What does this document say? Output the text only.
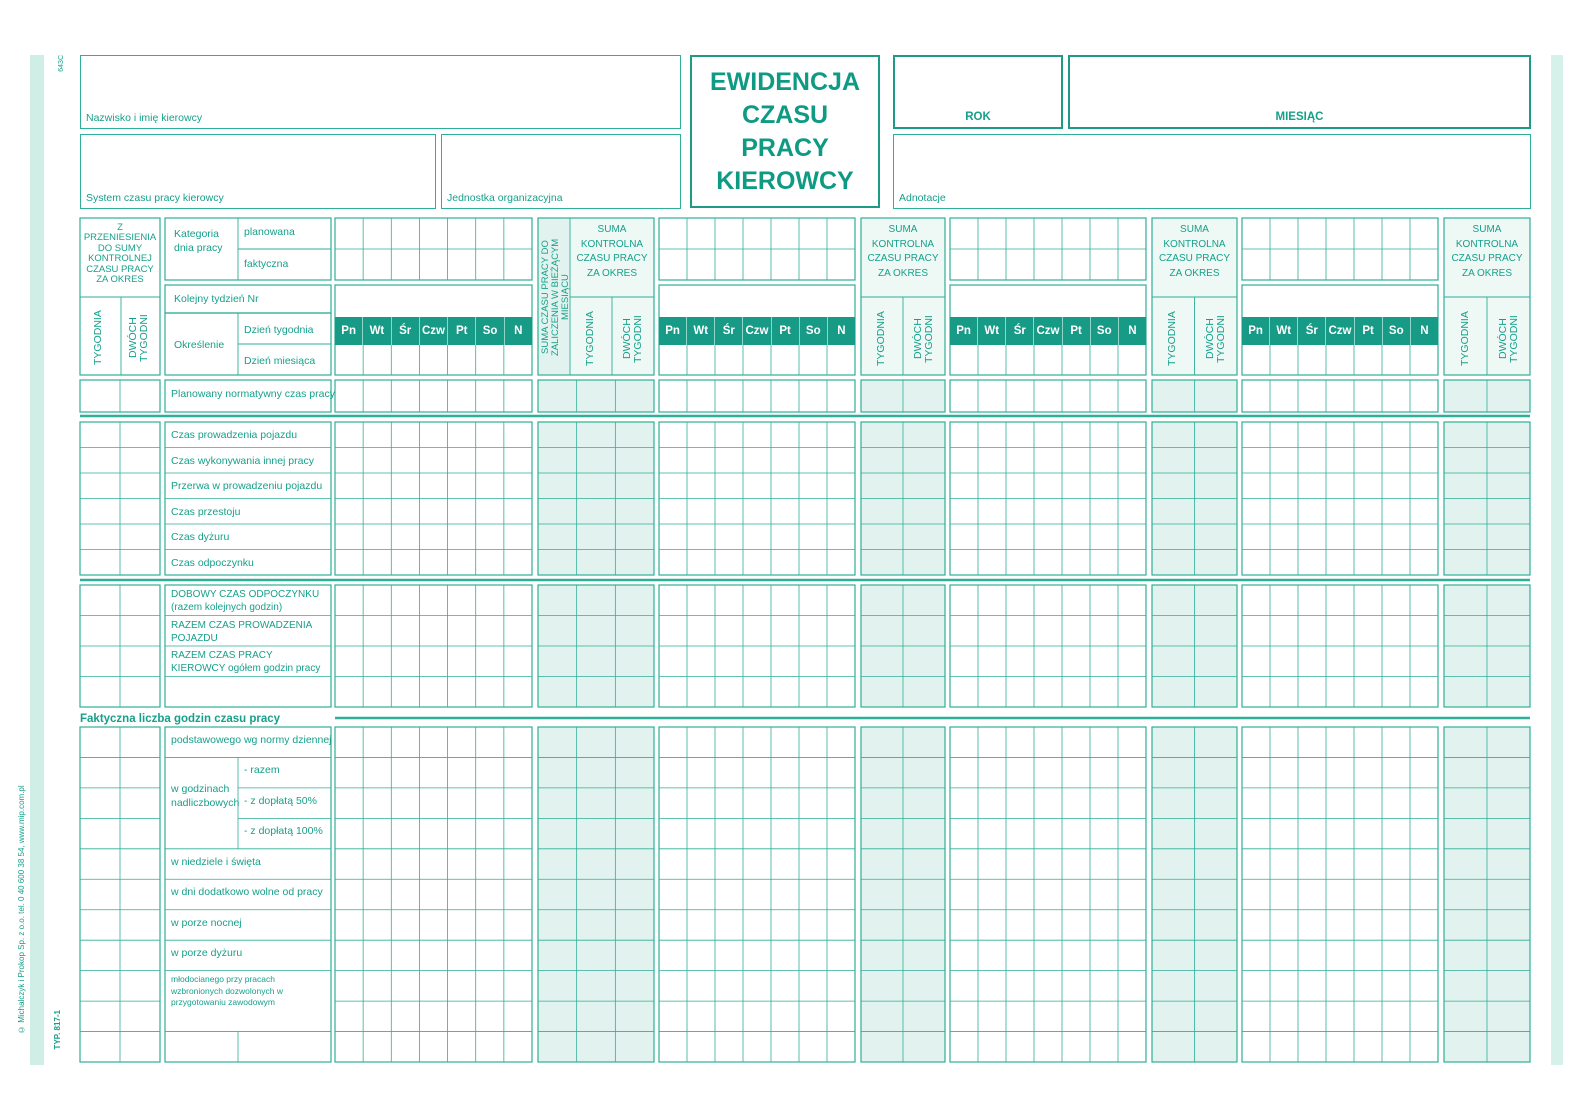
© Michalczyk i Prokop Sp. z o.o. tel. 0 40 600 38 54, www.mip.com.pl	TYP. 817-1
643C
Nazwisko i imię kierowcy
System czasu pracy kierowcy	Jednostka organizacyjna
EWIDENCJA
CZASU
PRACY
KIEROWCY
ROK	MIESIĄC
Adnotacje
Z PRZENIESIENIA DO SUMY KONTROLNEJ CZASU PRACY ZA OKRES
TYGODNIA DWÓCH TYGODNI
Kategoria dnia pracy
planowana
faktyczna
Kolejny tydzień Nr
Określenie
Dzień tygodnia
Dzień miesiąca
Planowany normatywny czas pracy
Faktyczna liczba godzin czasu pracy
Pn	Wt	Śr Czw Pt	So	N	Pn	Wt	Śr Czw Pt	So	N	Pn	Wt	Śr Czw Pt	So	N	Pn	Wt	Śr Czw Pt	So	N
SUMA KONTROLNA CZASU PRACY ZA OKRES
TYGODNIA DWÓCH TYGODNI
SUMA KONTROLNA CZASU PRACY ZA OKRES
TYGODNIA DWÓCH TYGODNI
SUMA KONTROLNA CZASU PRACY ZA OKRES
TYGODNIA DWÓCH TYGODNI
SUMA KONTROLNA CZASU PRACY ZA OKRES
TYGODNIA DWÓCH TYGODNI
SUMA CZASU PRACY DO ZALICZENIA W BIEŻĄCYM MIESIĄCU
Czas prowadzenia pojazdu
Czas wykonywania innej pracy
Przerwa w prowadzeniu pojazdu
Czas przestoju
Czas dyżuru
Czas odpoczynku
DOBOWY CZAS ODPOCZYNKU (razem kolejnych godzin)
RAZEM CZAS PROWADZENIA POJAZDU
RAZEM CZAS PRACY KIEROWCY ogółem godzin pracy
podstawowego wg normy dziennej
w godzinach nadliczbowych
- razem
- z dopłatą 50%
- z dopłatą 100%
w niedziele i święta
w dni dodatkowo wolne od pracy
w porze nocnej
w porze dyżuru
młodocianego przy pracach wzbronionych dozwolonych w przygotowaniu zawodowym
